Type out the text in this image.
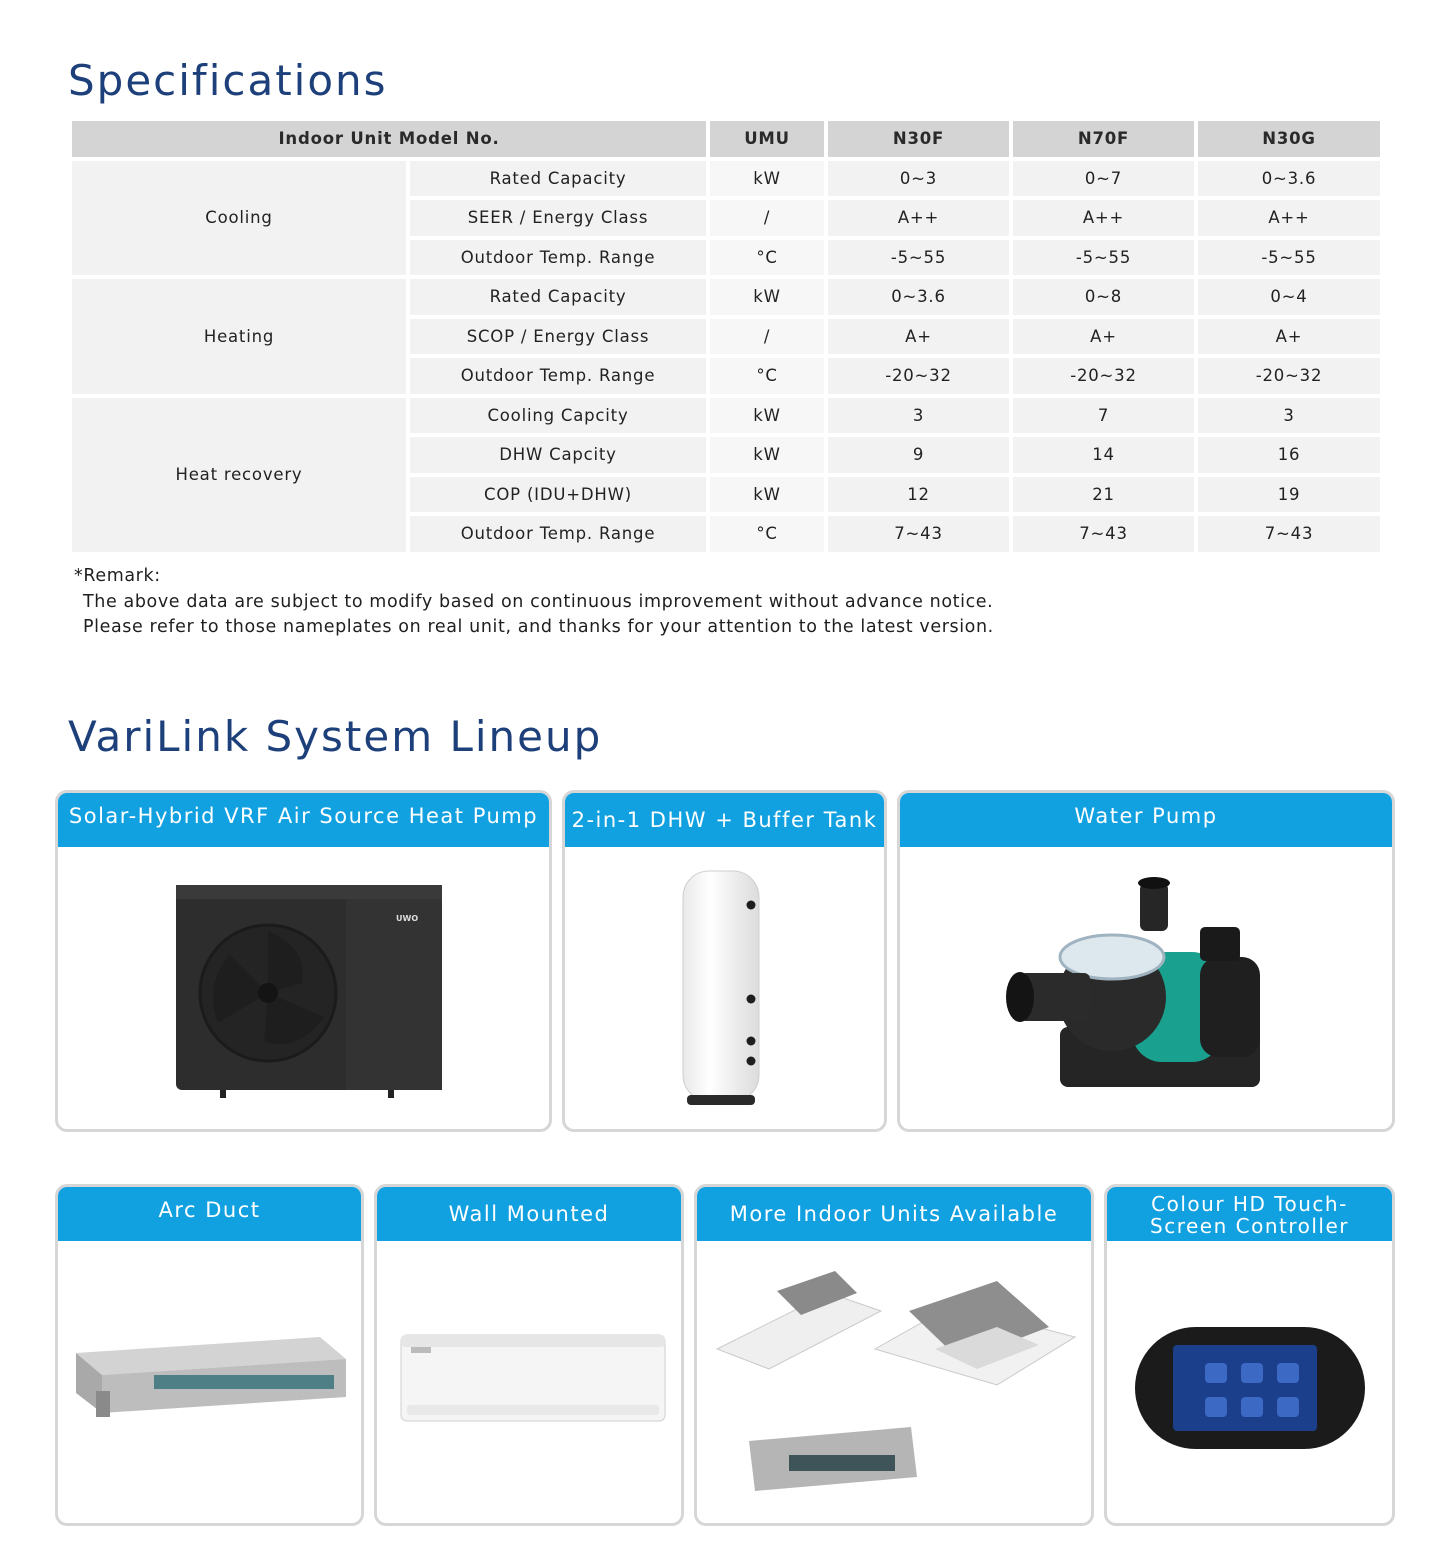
Specifications
Indoor Unit Model No.		UMU	N30F	N70F	N30G
Cooling	Rated Capacity	kW	0~3	0~7	0~3.6
	SEER / Energy Class	/	A++	A++	A++
	Outdoor Temp. Range	°C	-5~55	-5~55	-5~55
Heating	Rated Capacity	kW	0~3.6	0~8	0~4
	SCOP / Energy Class	/	A+	A+	A+
	Outdoor Temp. Range	°C	-20~32	-20~32	-20~32
Heat recovery	Cooling Capcity	kW	3	7	3
	DHW Capcity	kW	9	14	16
	COP (IDU+DHW)	kW	12	21	19
	Outdoor Temp. Range	°C	7~43	7~43	7~43
*Remark:
The above data are subject to modify based on continuous improvement without advance notice.
Please refer to those nameplates on real unit, and thanks for your attention to the latest version.
VariLink System Lineup
Solar-Hybrid VRF Air Source Heat Pump
UWO
2-in-1 DHW + Buffer Tank	Water Pump
Arc Duct	Wall Mounted	More Indoor Units Available	Colour HD Touch-Screen Controller
